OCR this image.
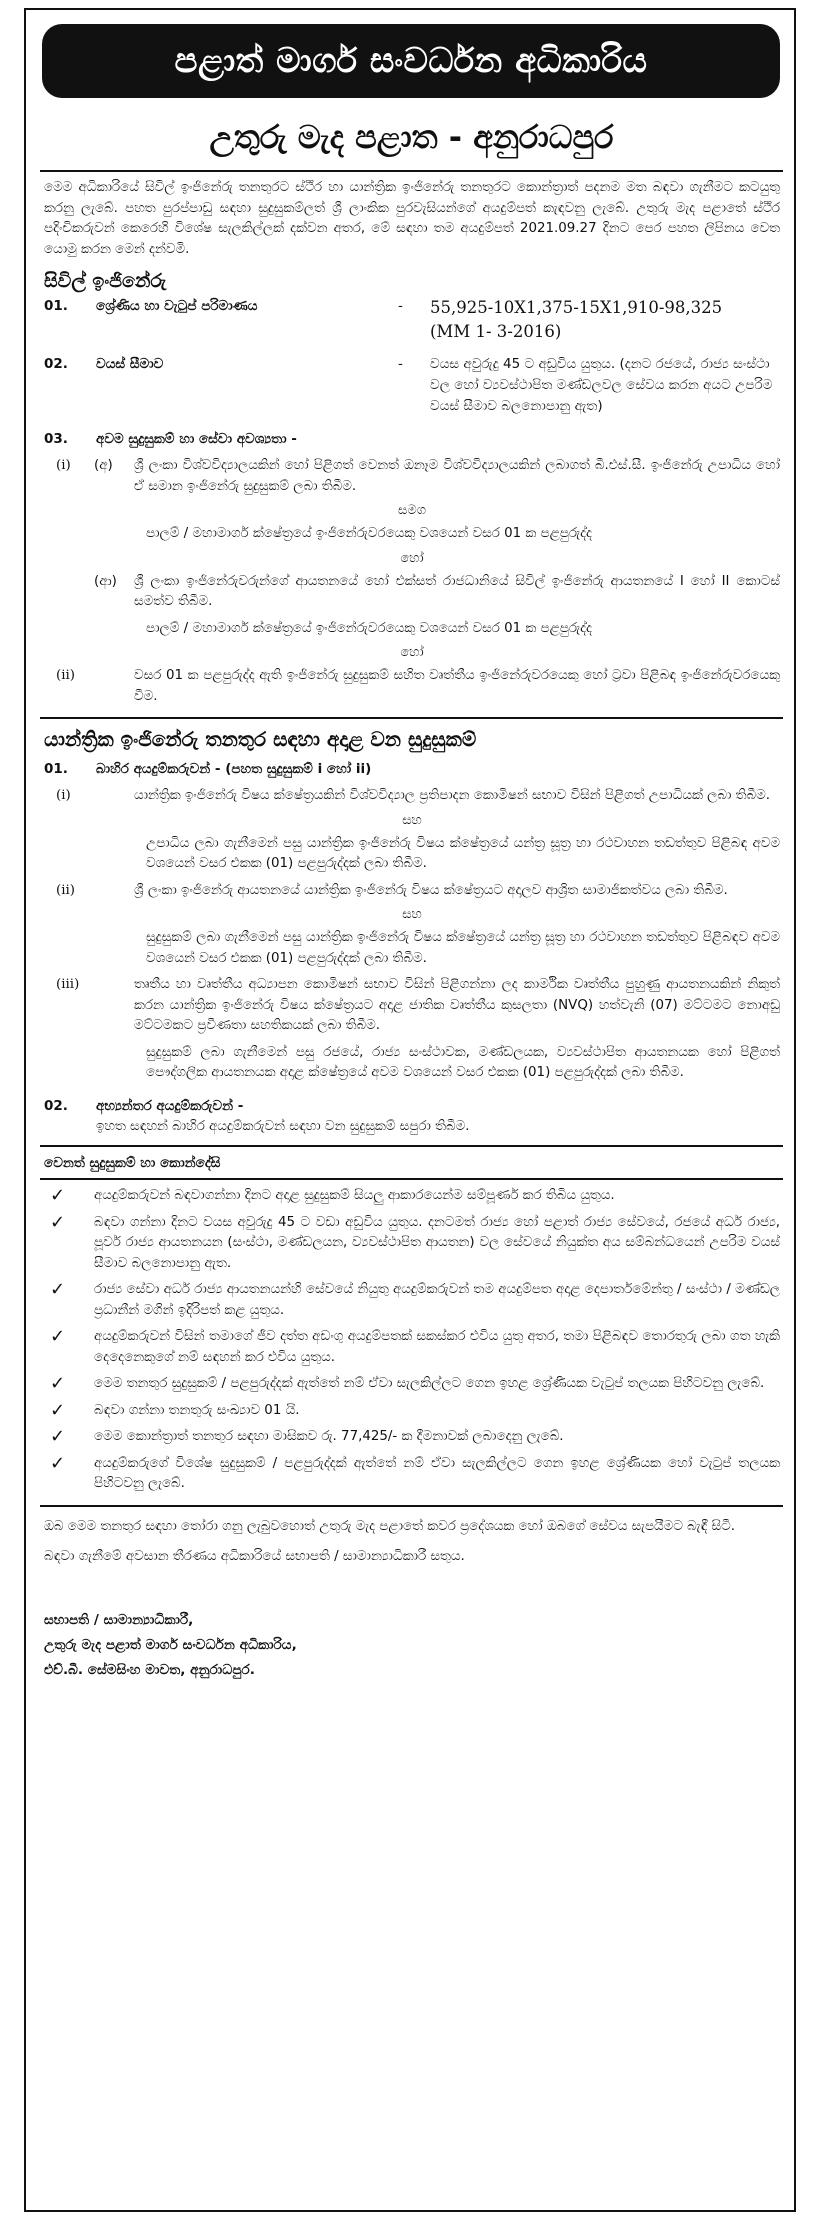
පළාත් මාර්ග සංවර්ධන අධිකාරිය
උතුරු මැද පළාත - අනුරාධපුර

මෙම අධිකාරියේ සිවිල් ඉංජිනේරු තනතුරට ස්ථිර හා යාන්ත්‍රික ඉංජිනේරු තනතුරට කොන්ත්‍රාත් පදනම මත බඳවා ගැනීමට කටයුතු කරනු ලැබේ. පහත පුරප්පාඩු සඳහා සුදුසුකම්ලත් ශ්‍රී ලාංකික පුරවැසියන්ගේ අයදුම්පත් කැඳවනු ලැබේ. උතුරු මැද පළාතේ ස්ථිර පදිංචිකරුවන් කෙරෙහි විශේෂ සැලකිල්ලක් දක්වන අතර, මේ සඳහා තම අයදුම්පත් 2021.09.27 දිනට පෙර පහත ලිපිනය වෙත යොමු කරන මෙන් දන්වමි.

සිවිල් ඉංජිනේරු
01.	ශ්‍රේණිය හා වැටුප් පරිමාණය	-	55,925-10X1,375-15X1,910-98,325
(MM 1- 3-2016)
02.	වයස් සීමාව	-	වයස අවුරුදු 45 ට අඩුවිය යුතුය. (දනට රජයේ, රාජ්‍ය සංස්ථා වල හෝ ව්‍යවස්ථාපිත මණ්ඩලවල සේවය කරන අයට උපරිම වයස් සීමාව බලනොපානු ඇත)
03.	අවම සුදුසුකම් හා සේවා අවශ්‍යතා -
(i)	(අ)	ශ්‍රී ලංකා විශ්වවිද්‍යාලයකින් හෝ පිළිගත් වෙනත් ඔනෑම විශ්වවිද්‍යාලයකින් ලබාගත් බී.එස්.සී. ඉංජිනේරු උපාධිය හෝ ඒ සමාන ඉංජිනේරු සුදුසුකම් ලබා තිබීම.
සමග

පාලම් / මහාමාර්ග ක්ෂේත්‍රයේ ඉංජිනේරුවරයෙකු වශයෙන් වසර 01 ක පළපුරුද්ද

හෝ
(ආ)	ශ්‍රී ලංකා ඉංජිනේරුවරුන්ගේ ආයතනයේ හෝ එක්සත් රාජධානියේ සිවිල් ඉංජිනේරු ආයතනයේ I හෝ II කොටස් සමත්ව තිබීම.

පාලම් / මහාමාර්ග ක්ෂේත්‍රයේ ඉංජිනේරුවරයෙකු වශයෙන් වසර 01 ක පළපුරුද්ද

හෝ
(ii)	වසර 01 ක පළපුරුද්ද ඇති ඉංජිනේරු සුදුසුකම් සහිත වෘත්තීය ඉංජිනේරුවරයෙකු හෝ ට්‍රවා පිළිබඳ ඉංජිනේරුවරයෙකු වීම.
යාන්ත්‍රික ඉංජිනේරු තනතුර සඳහා අදාළ වන සුදුසුකම්
01.	බාහිර අයදුම්කරුවන් - (පහත සුදුසුකම් i හෝ ii)
(i)	යාන්ත්‍රික ඉංජිනේරු විෂය ක්ෂේත්‍රයකින් විශ්වවිද්‍යාල ප්‍රතිපාදන කොමිෂන් සභාව විසින් පිළිගත් උපාධියක් ලබා තිබීම.
සහ

උපාධිය ලබා ගැනීමෙන් පසු යාන්ත්‍රික ඉංජිනේරු විෂය ක්ෂේත්‍රයේ යන්ත්‍ර සූත්‍ර හා රථවාහන තඩත්තුව පිළිබඳ අවම වශයෙන් වසර එකක (01) පළපුරුද්දක් ලබා තිබීම.

(ii)	ශ්‍රී ලංකා ඉංජිනේරු ආයතනයේ යාන්ත්‍රික ඉංජිනේරු විෂය ක්ෂේත්‍රයට අදාලව ආශ්‍රිත සාමාජිකත්වය ලබා තිබීම.
සහ

සුදුසුකම් ලබා ගැනීමෙන් පසු යාන්ත්‍රික ඉංජිනේරු විෂය ක්ෂේත්‍රයේ යන්ත්‍ර සූත්‍ර හා රථවාහන තඩත්තුව පිළිබඳව අවම වශයෙන් වසර එකක (01) පළපුරුද්දක් ලබා තිබීම.

(iii)	තෘතීය හා වෘත්තීය අධ්‍යාපන කොමිෂන් සභාව විසින් පිළිගන්නා ලද කාර්මික වෘත්තීය පුහුණු ආයතනයකින් නිකුත් කරන යාන්ත්‍රික ඉංජිනේරු විෂය ක්ෂේත්‍රයට අදාළ ජාතික වෘත්තීය කුසලතා (NVQ) හත්වැනි (07) මට්ටමට නොඅඩු මට්ටමකට ප්‍රවීණතා සහතිකයක් ලබා තිබීම.

සුදුසුකම් ලබා ගැනීමෙන් පසු රජයේ, රාජ්‍ය සංස්ථාවක, මණ්ඩලයක, ව්‍යවස්ථාපිත ආයතනයක හෝ පිළිගත් පෞද්ගලික ආයතනයක අදාළ ක්ෂේත්‍රයේ අවම වශයෙන් වසර එකක (01) පළපුරුද්දක් ලබා තිබීම.

02.	අභ්‍යන්තර අයදුම්කරුවන් -

ඉහත සඳහන් බාහිර අයදුම්කරුවන් සඳහා වන සුදුසුකම් සපුරා තිබීම.

වෙනත් සුදුසුකම් හා කොන්දේසි
✓	අයදුම්කරුවන් බඳවාගන්නා දිනට අදාළ සුදුසුකම් සියලු ආකාරයෙන්ම සම්පූර්ණ කර තිබිය යුතුය.
✓	බඳවා ගන්නා දිනට වයස අවුරුදු 45 ට වඩා අඩුවිය යුතුය. දනටමත් රාජ්‍ය හෝ පළාත් රාජ්‍ය සේවයේ, රජයේ අර්ධ රාජ්‍ය, පූර්ව රාජ්‍ය ආයතනයන (සංස්ථා, මණ්ඩලයන, ව්‍යවස්ථාපිත ආයතන) වල සේවයේ නියුක්ත අය සම්බන්ධයෙන් උපරිම වයස් සීමාව බලනොපානු ඇත.
✓	රාජ්‍ය සේවා අර්ධ රාජ්‍ය ආයතනයන්හි සේවයේ නියුතු අයදුම්කරුවන් තම අයදුම්පත අදාළ දෙපාර්තමේන්තු / සංස්ථා / මණ්ඩල ප්‍රධානීන් මගින් ඉදිරිපත් කළ යුතුය.
✓	අයදුම්කරුවන් විසින් තමාගේ ජීව දත්ත අඩංගු අයදුම්පතක් සකස්කර එවිය යුතු අතර, තමා පිළිබඳව තොරතුරු ලබා ගත හැකි දෙදෙනෙකුගේ නම් සඳහන් කර එවිය යුතුය.
✓	මෙම තනතුර සුදුසුකම් / පළපුරුද්දක් ඇත්තේ නම් ඒවා සැලකිල්ලට ගෙන ඉහළ ශ්‍රේණියක වැටුප් තලයක පිහිටවනු ලැබේ.
✓	බඳවා ගන්නා තනතුරු සංඛ්‍යාව 01 යි.
✓	මෙම කොන්ත්‍රාත් තනතුර සඳහා මාසිකව රු. 77,425/- ක දීමනාවක් ලබාදෙනු ලැබේ.
✓	අයදුම්කරුගේ විශේෂ සුදුසුකම් / පළපුරුද්දක් ඇත්තේ නම් ඒවා සැලකිල්ලට ගෙන ඉහළ ශ්‍රේණියක හෝ වැටුප් තලයක පිහිටවනු ලැබේ.

ඔබ මෙම තනතුර සඳහා තෝරා ගනු ලැබුවහොත් උතුරු මැද පළාතේ කවර ප්‍රදේශයක හෝ ඔබගේ සේවය සැපයීමට බැඳී සිටී.

බඳවා ගැනීමේ අවසාන තීරණය අධිකාරියේ සභාපති / සාමාන්‍යාධිකාරී සතුය.

සභාපති / සාමාන්‍යාධිකාරී,
උතුරු මැද පළාත් මාර්ග සංවර්ධන අධිකාරිය,
එච්.බී. සේමසිංහ මාවත, අනුරාධපුර.
